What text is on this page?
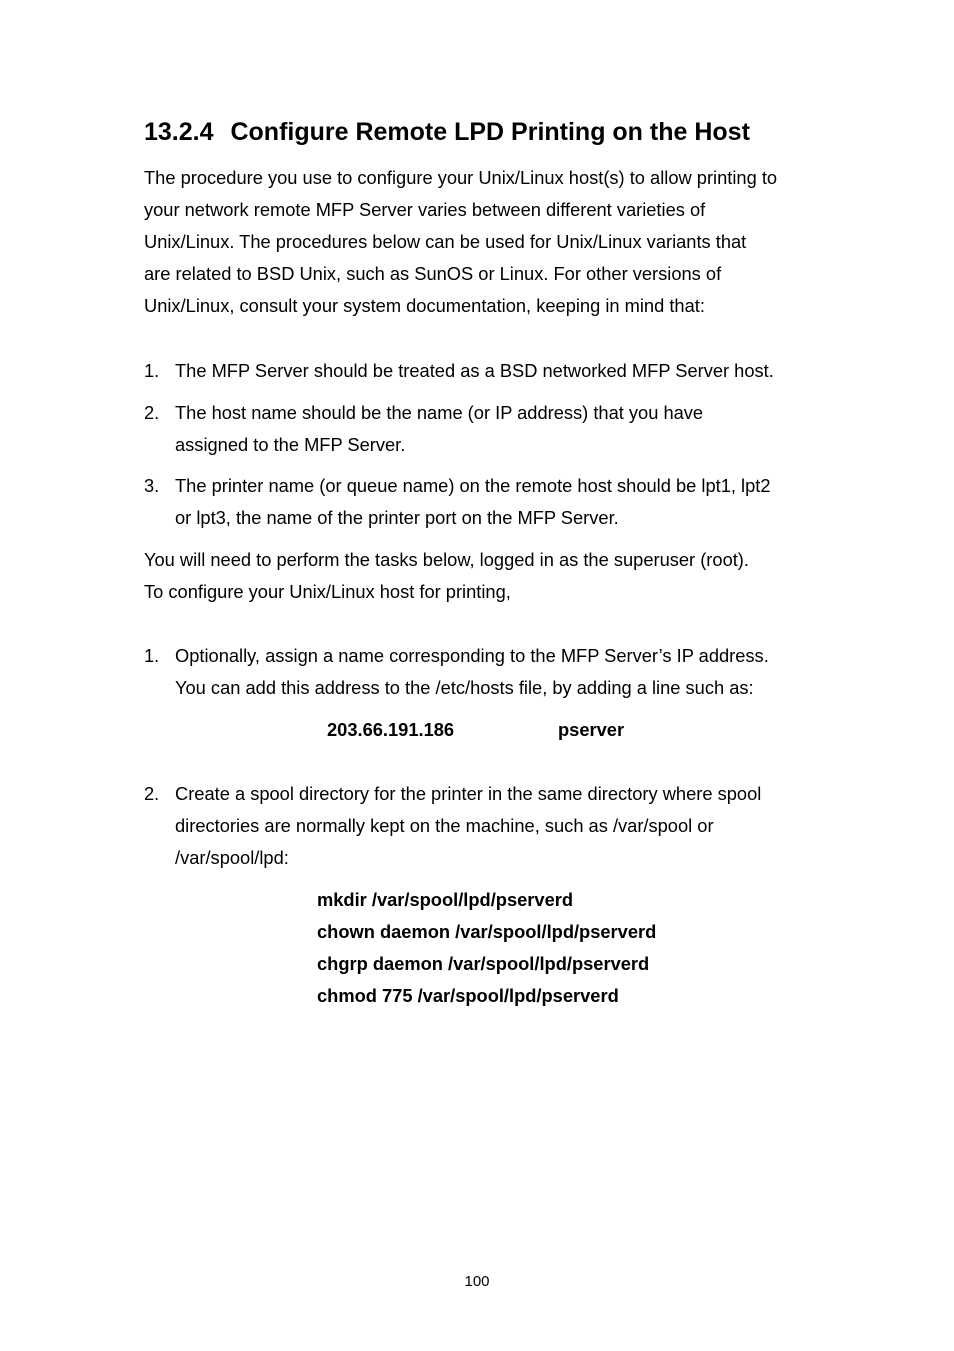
13.2.4 Configure Remote LPD Printing on the Host
The procedure you use to configure your Unix/Linux host(s) to allow printing to
your network remote MFP Server varies between different varieties of
Unix/Linux. The procedures below can be used for Unix/Linux variants that
are related to BSD Unix, such as SunOS or Linux. For other versions of
Unix/Linux, consult your system documentation, keeping in mind that:
1. The MFP Server should be treated as a BSD networked MFP Server host.
2. The host name should be the name (or IP address) that you have
assigned to the MFP Server.
3. The printer name (or queue name) on the remote host should be lpt1, lpt2
or lpt3, the name of the printer port on the MFP Server.
You will need to perform the tasks below, logged in as the superuser (root).
To configure your Unix/Linux host for printing,
1. Optionally, assign a name corresponding to the MFP Server’s IP address.
You can add this address to the /etc/hosts file, by adding a line such as:
203.66.191.186	pserver
2. Create a spool directory for the printer in the same directory where spool
directories are normally kept on the machine, such as /var/spool or
/var/spool/lpd:
mkdir /var/spool/lpd/pserverd
chown daemon /var/spool/lpd/pserverd
chgrp daemon /var/spool/lpd/pserverd
chmod 775 /var/spool/lpd/pserverd
100
